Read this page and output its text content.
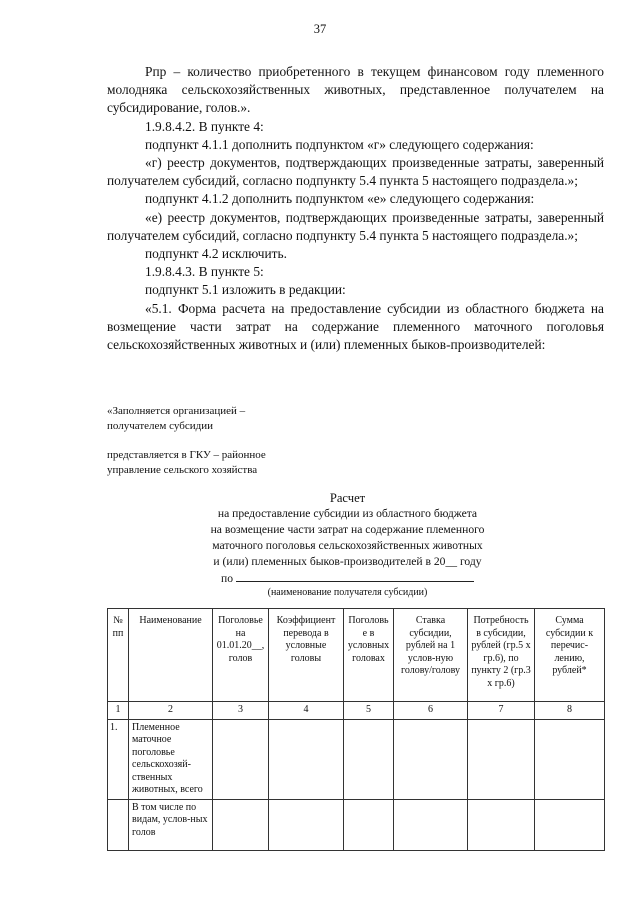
37

Рпр – количество приобретенного в текущем финансовом году племенного молодняка сельскохозяйственных животных, представленное получателем на субсидирование, голов.».

1.9.8.4.2. В пункте 4:

подпункт 4.1.1 дополнить подпунктом «г» следующего содержания:

«г) реестр документов, подтверждающих произведенные затраты, заверенный получателем субсидий, согласно подпункту 5.4 пункта 5 настоящего подраздела.»;

подпункт 4.1.2 дополнить подпунктом «е» следующего содержания:

«е) реестр документов, подтверждающих произведенные затраты, заверенный получателем субсидий, согласно подпункту 5.4 пункта 5 настоящего подраздела.»;

подпункт 4.2 исключить.

1.9.8.4.3. В пункте 5:

подпункт 5.1 изложить в редакции:

«5.1. Форма расчета на предоставление субсидии из областного бюджета на возмещение части затрат на содержание племенного маточного поголовья сельскохозяйственных животных и (или) племенных быков-производителей:

«Заполняется организацией –

получателем субсидии

представляется в ГКУ – районное

управление сельского хозяйства

Расчет

на предоставление субсидии из областного бюджета

на возмещение части затрат на содержание племенного

маточного поголовья сельскохозяйственных животных

и (или) племенных быков-производителей в 20__ году

по

(наименование получателя субсидии)

№ пп	Наименование	Поголовье на 01.01.20__, голов	Коэффициент перевода в условные головы	Поголовь е в условных головах	Ставка субсидии, рублей на 1 услов-ную голову/голову	Потребность в субсидии, рублей (гр.5 х гр.6), по пункту 2 (гр.3 х гр.6)	Сумма субсидии к перечис-лению, рублей*
1	2	3	4	5	6	7	8
1.	Племенное маточное поголовье сельскохозяй-ственных животных, всего						
	В том числе по видам, услов-ных голов						
